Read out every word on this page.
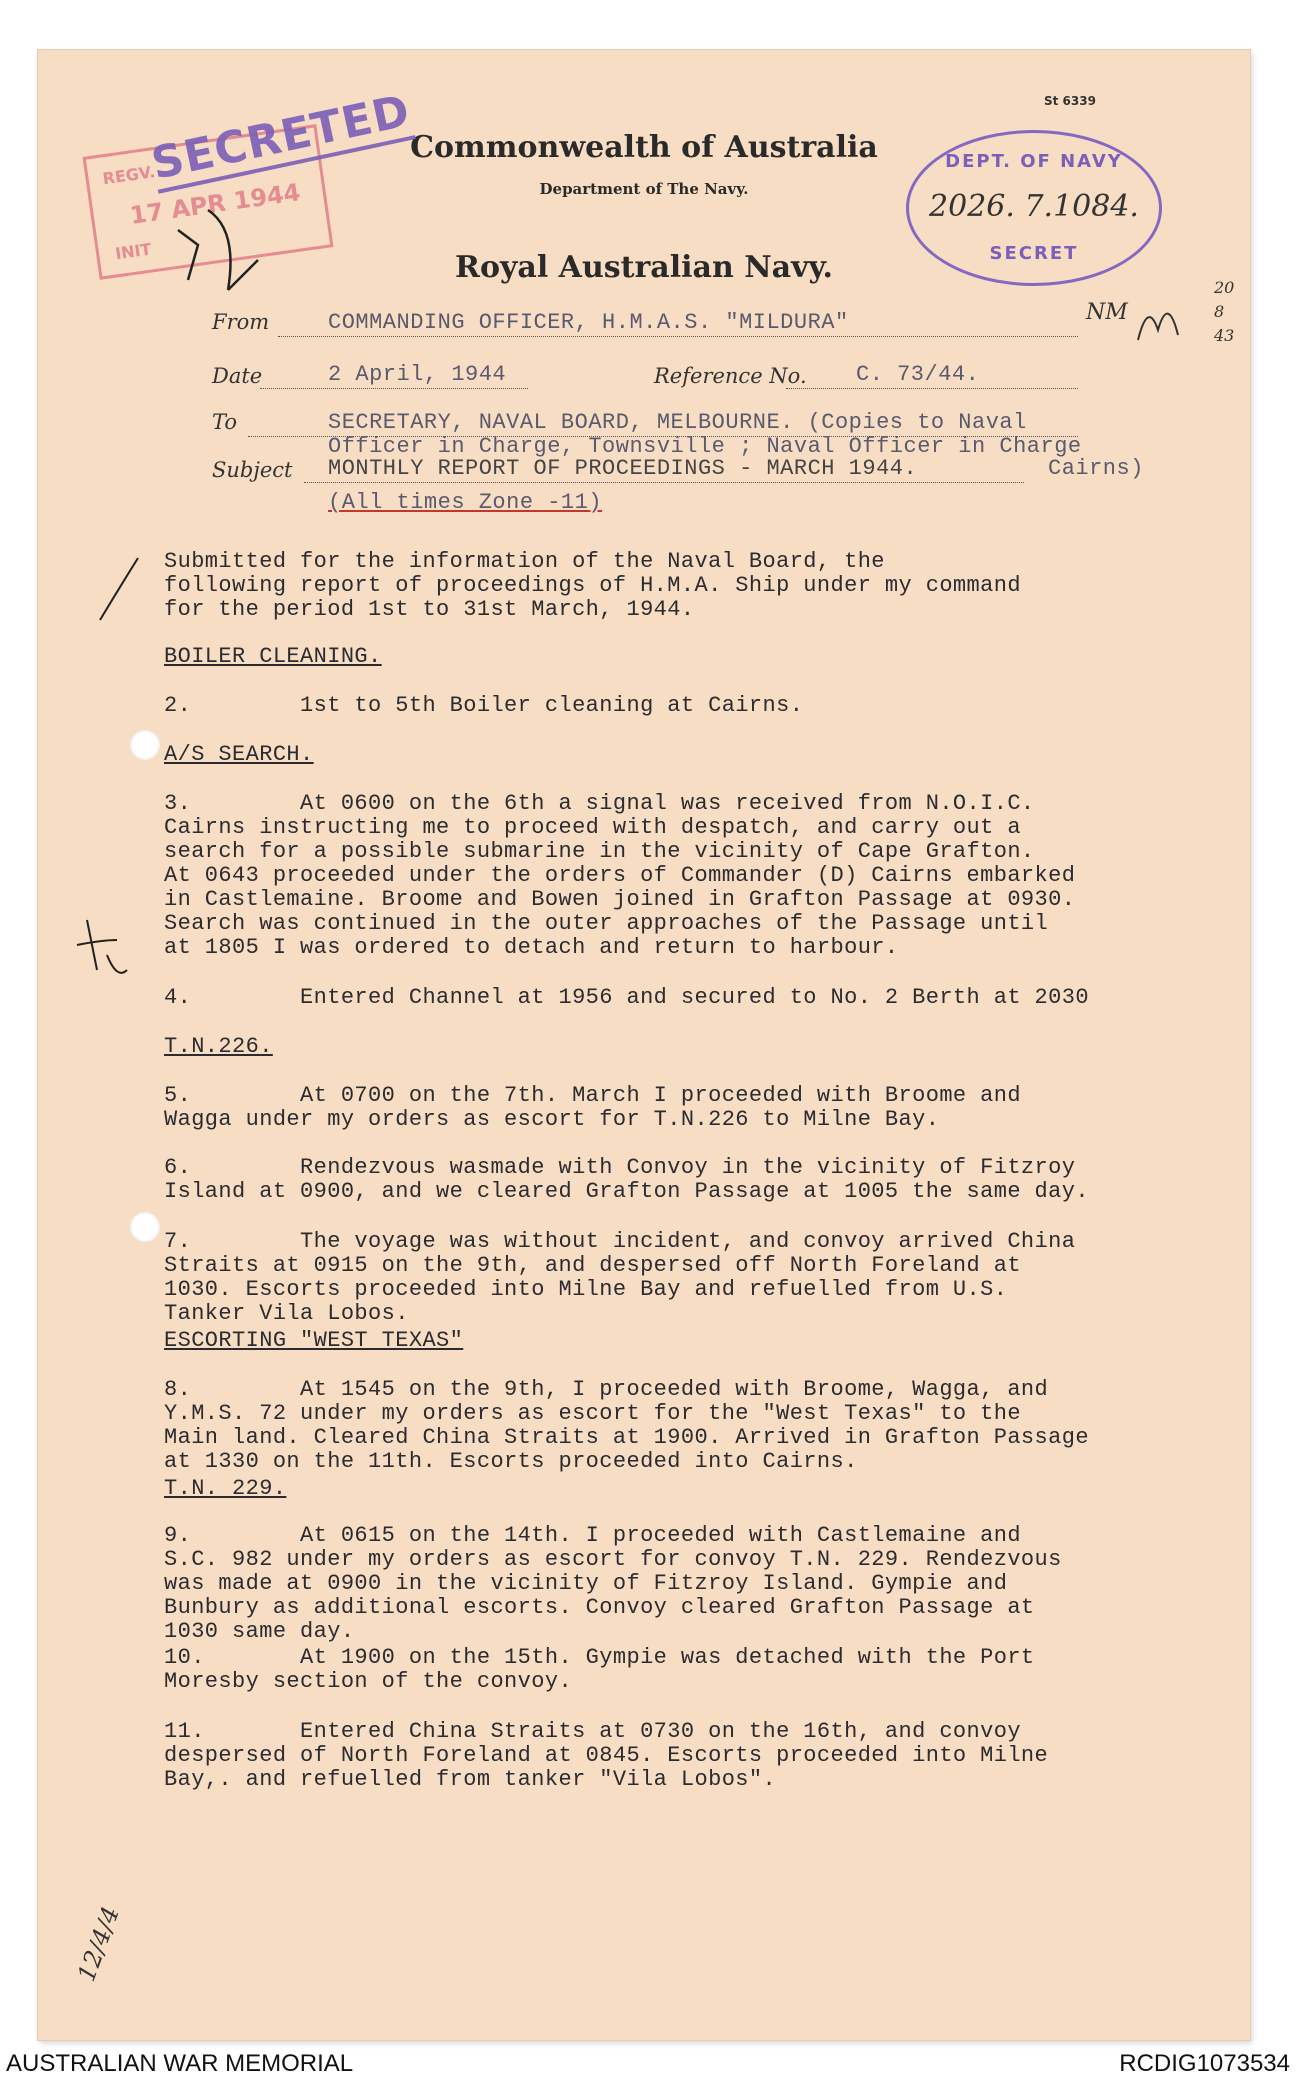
St 6339
Commonwealth of Australia
Department of The Navy.
Royal Australian Navy.
REGV.
17 APR 1944
INIT
SECRETED	DEPT. OF NAVY
2026. 7.1084.
SECRET
NM
20 8 43
From	COMMANDING OFFICER, H.M.A.S. "MILDURA"
Date	2 April, 1944	Reference No. C. 73/44.
To	SECRETARY, NAVAL BOARD, MELBOURNE. (Copies to Naval
Officer in Charge, Townsville ; Naval Officer in Charge
Cairns)
Subject MONTHLY REPORT OF PROCEEDINGS - MARCH 1944.
(All times Zone -11)
Submitted for the information of the Naval Board, the
following report of proceedings of H.M.A. Ship under my command
for the period 1st to 31st March, 1944.
BOILER CLEANING.
2.        1st to 5th Boiler cleaning at Cairns.
A/S SEARCH.
3.        At 0600 on the 6th a signal was received from N.O.I.C.
Cairns instructing me to proceed with despatch, and carry out a
search for a possible submarine in the vicinity of Cape Grafton.
At 0643 proceeded under the orders of Commander (D) Cairns embarked
in Castlemaine. Broome and Bowen joined in Grafton Passage at 0930.
Search was continued in the outer approaches of the Passage until
at 1805 I was ordered to detach and return to harbour.
4.        Entered Channel at 1956 and secured to No. 2 Berth at 2030
T.N.226.
5.        At 0700 on the 7th. March I proceeded with Broome and
Wagga under my orders as escort for T.N.226 to Milne Bay.
6.        Rendezvous wasmade with Convoy in the vicinity of Fitzroy
Island at 0900, and we cleared Grafton Passage at 1005 the same day.
7.        The voyage was without incident, and convoy arrived China
Straits at 0915 on the 9th, and despersed off North Foreland at
1030. Escorts proceeded into Milne Bay and refuelled from U.S.
Tanker Vila Lobos.
ESCORTING "WEST TEXAS"
8.        At 1545 on the 9th, I proceeded with Broome, Wagga, and
Y.M.S. 72 under my orders as escort for the "West Texas" to the
Main land. Cleared China Straits at 1900. Arrived in Grafton Passage
at 1330 on the 11th. Escorts proceeded into Cairns.
T.N. 229.
9.        At 0615 on the 14th. I proceeded with Castlemaine and
S.C. 982 under my orders as escort for convoy T.N. 229. Rendezvous
was made at 0900 in the vicinity of Fitzroy Island. Gympie and
Bunbury as additional escorts. Convoy cleared Grafton Passage at
1030 same day.
10.       At 1900 on the 15th. Gympie was detached with the Port
Moresby section of the convoy.
11.       Entered China Straits at 0730 on the 16th, and convoy
despersed of North Foreland at 0845. Escorts proceeded into Milne
Bay,. and refuelled from tanker "Vila Lobos".
12/4/4
AUSTRALIAN WAR MEMORIAL	RCDIG1073534
